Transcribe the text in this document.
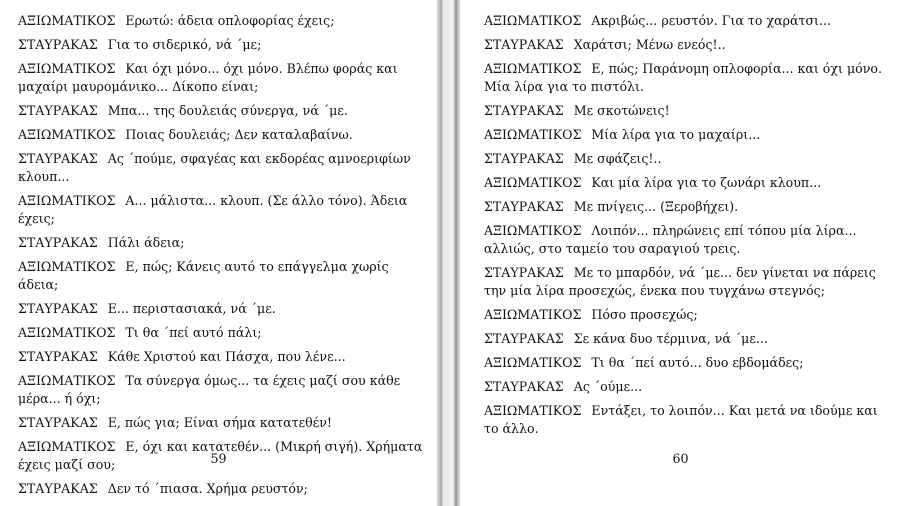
ΑΞΙΩΜΑΤΙΚΟΣ Ερωτώ: άδεια οπλοφορίας έχεις;
ΣΤΑΥΡΑΚΑΣ Για το σιδερικό, νά ΄με;
ΑΞΙΩΜΑΤΙΚΟΣ Και όχι μόνο... όχι μόνο. Βλέπω φοράς και μαχαίρι μαυρομάνικο... Δίκοπο είναι;
ΣΤΑΥΡΑΚΑΣ Μπα... της δουλειάς σύνεργα, νά ΄με.
ΑΞΙΩΜΑΤΙΚΟΣ Ποιας δουλειάς; Δεν καταλαβαίνω.
ΣΤΑΥΡΑΚΑΣ Ας ΄πούμε, σφαγέας και εκδορέας αμνοεριφίων κλουπ...
ΑΞΙΩΜΑΤΙΚΟΣ Α... μάλιστα... κλουπ. (Σε άλλο τόνο). Άδεια έχεις;
ΣΤΑΥΡΑΚΑΣ Πάλι άδεια;
ΑΞΙΩΜΑΤΙΚΟΣ Ε, πώς; Κάνεις αυτό το επάγγελμα χωρίς άδεια;
ΣΤΑΥΡΑΚΑΣ Ε... περιστασιακά, νά ΄με.
ΑΞΙΩΜΑΤΙΚΟΣ Τι θα ΄πεί αυτό πάλι;
ΣΤΑΥΡΑΚΑΣ Κάθε Χριστού και Πάσχα, που λένε...
ΑΞΙΩΜΑΤΙΚΟΣ Τα σύνεργα όμως... τα έχεις μαζί σου κάθε μέρα... ή όχι;
ΣΤΑΥΡΑΚΑΣ Ε, πώς για; Είναι σήμα κατατεθέν!
ΑΞΙΩΜΑΤΙΚΟΣ Ε, όχι και κατατεθέν... (Μικρή σιγή). Χρήματα έχεις μαζί σου;
ΣΤΑΥΡΑΚΑΣ Δεν τό ΄πιασα. Χρήμα ρευστόν;
59
ΑΞΙΩΜΑΤΙΚΟΣ Ακριβώς... ρευστόν. Για το χαράτσι...
ΣΤΑΥΡΑΚΑΣ Χαράτσι; Μένω ενεός!..
ΑΞΙΩΜΑΤΙΚΟΣ Ε, πώς; Παράνομη οπλοφορία... και όχι μόνο. Μία λίρα για το πιστόλι.
ΣΤΑΥΡΑΚΑΣ Με σκοτώνεις!
ΑΞΙΩΜΑΤΙΚΟΣ Μία λίρα για το μαχαίρι...
ΣΤΑΥΡΑΚΑΣ Με σφάζεις!..
ΑΞΙΩΜΑΤΙΚΟΣ Και μία λίρα για το ζωνάρι κλουπ...
ΣΤΑΥΡΑΚΑΣ Με πνίγεις... (Ξεροβήχει).
ΑΞΙΩΜΑΤΙΚΟΣ Λοιπόν... πληρώνεις επί τόπου μία λίρα... αλλιώς, στο ταμείο του σαραγιού τρεις.
ΣΤΑΥΡΑΚΑΣ Με το μπαρδόν, νά ΄με... δεν γίνεται να πάρεις την μία λίρα προσεχώς, ένεκα που τυγχάνω στεγνός;
ΑΞΙΩΜΑΤΙΚΟΣ Πόσο προσεχώς;
ΣΤΑΥΡΑΚΑΣ Σε κάνα δυο τέρμινα, νά ΄με...
ΑΞΙΩΜΑΤΙΚΟΣ Τι θα ΄πεί αυτό... δυο εβδομάδες;
ΣΤΑΥΡΑΚΑΣ Ας ΄ούμε...
ΑΞΙΩΜΑΤΙΚΟΣ Εντάξει, το λοιπόν... Και μετά να ιδούμε και το άλλο.
60
